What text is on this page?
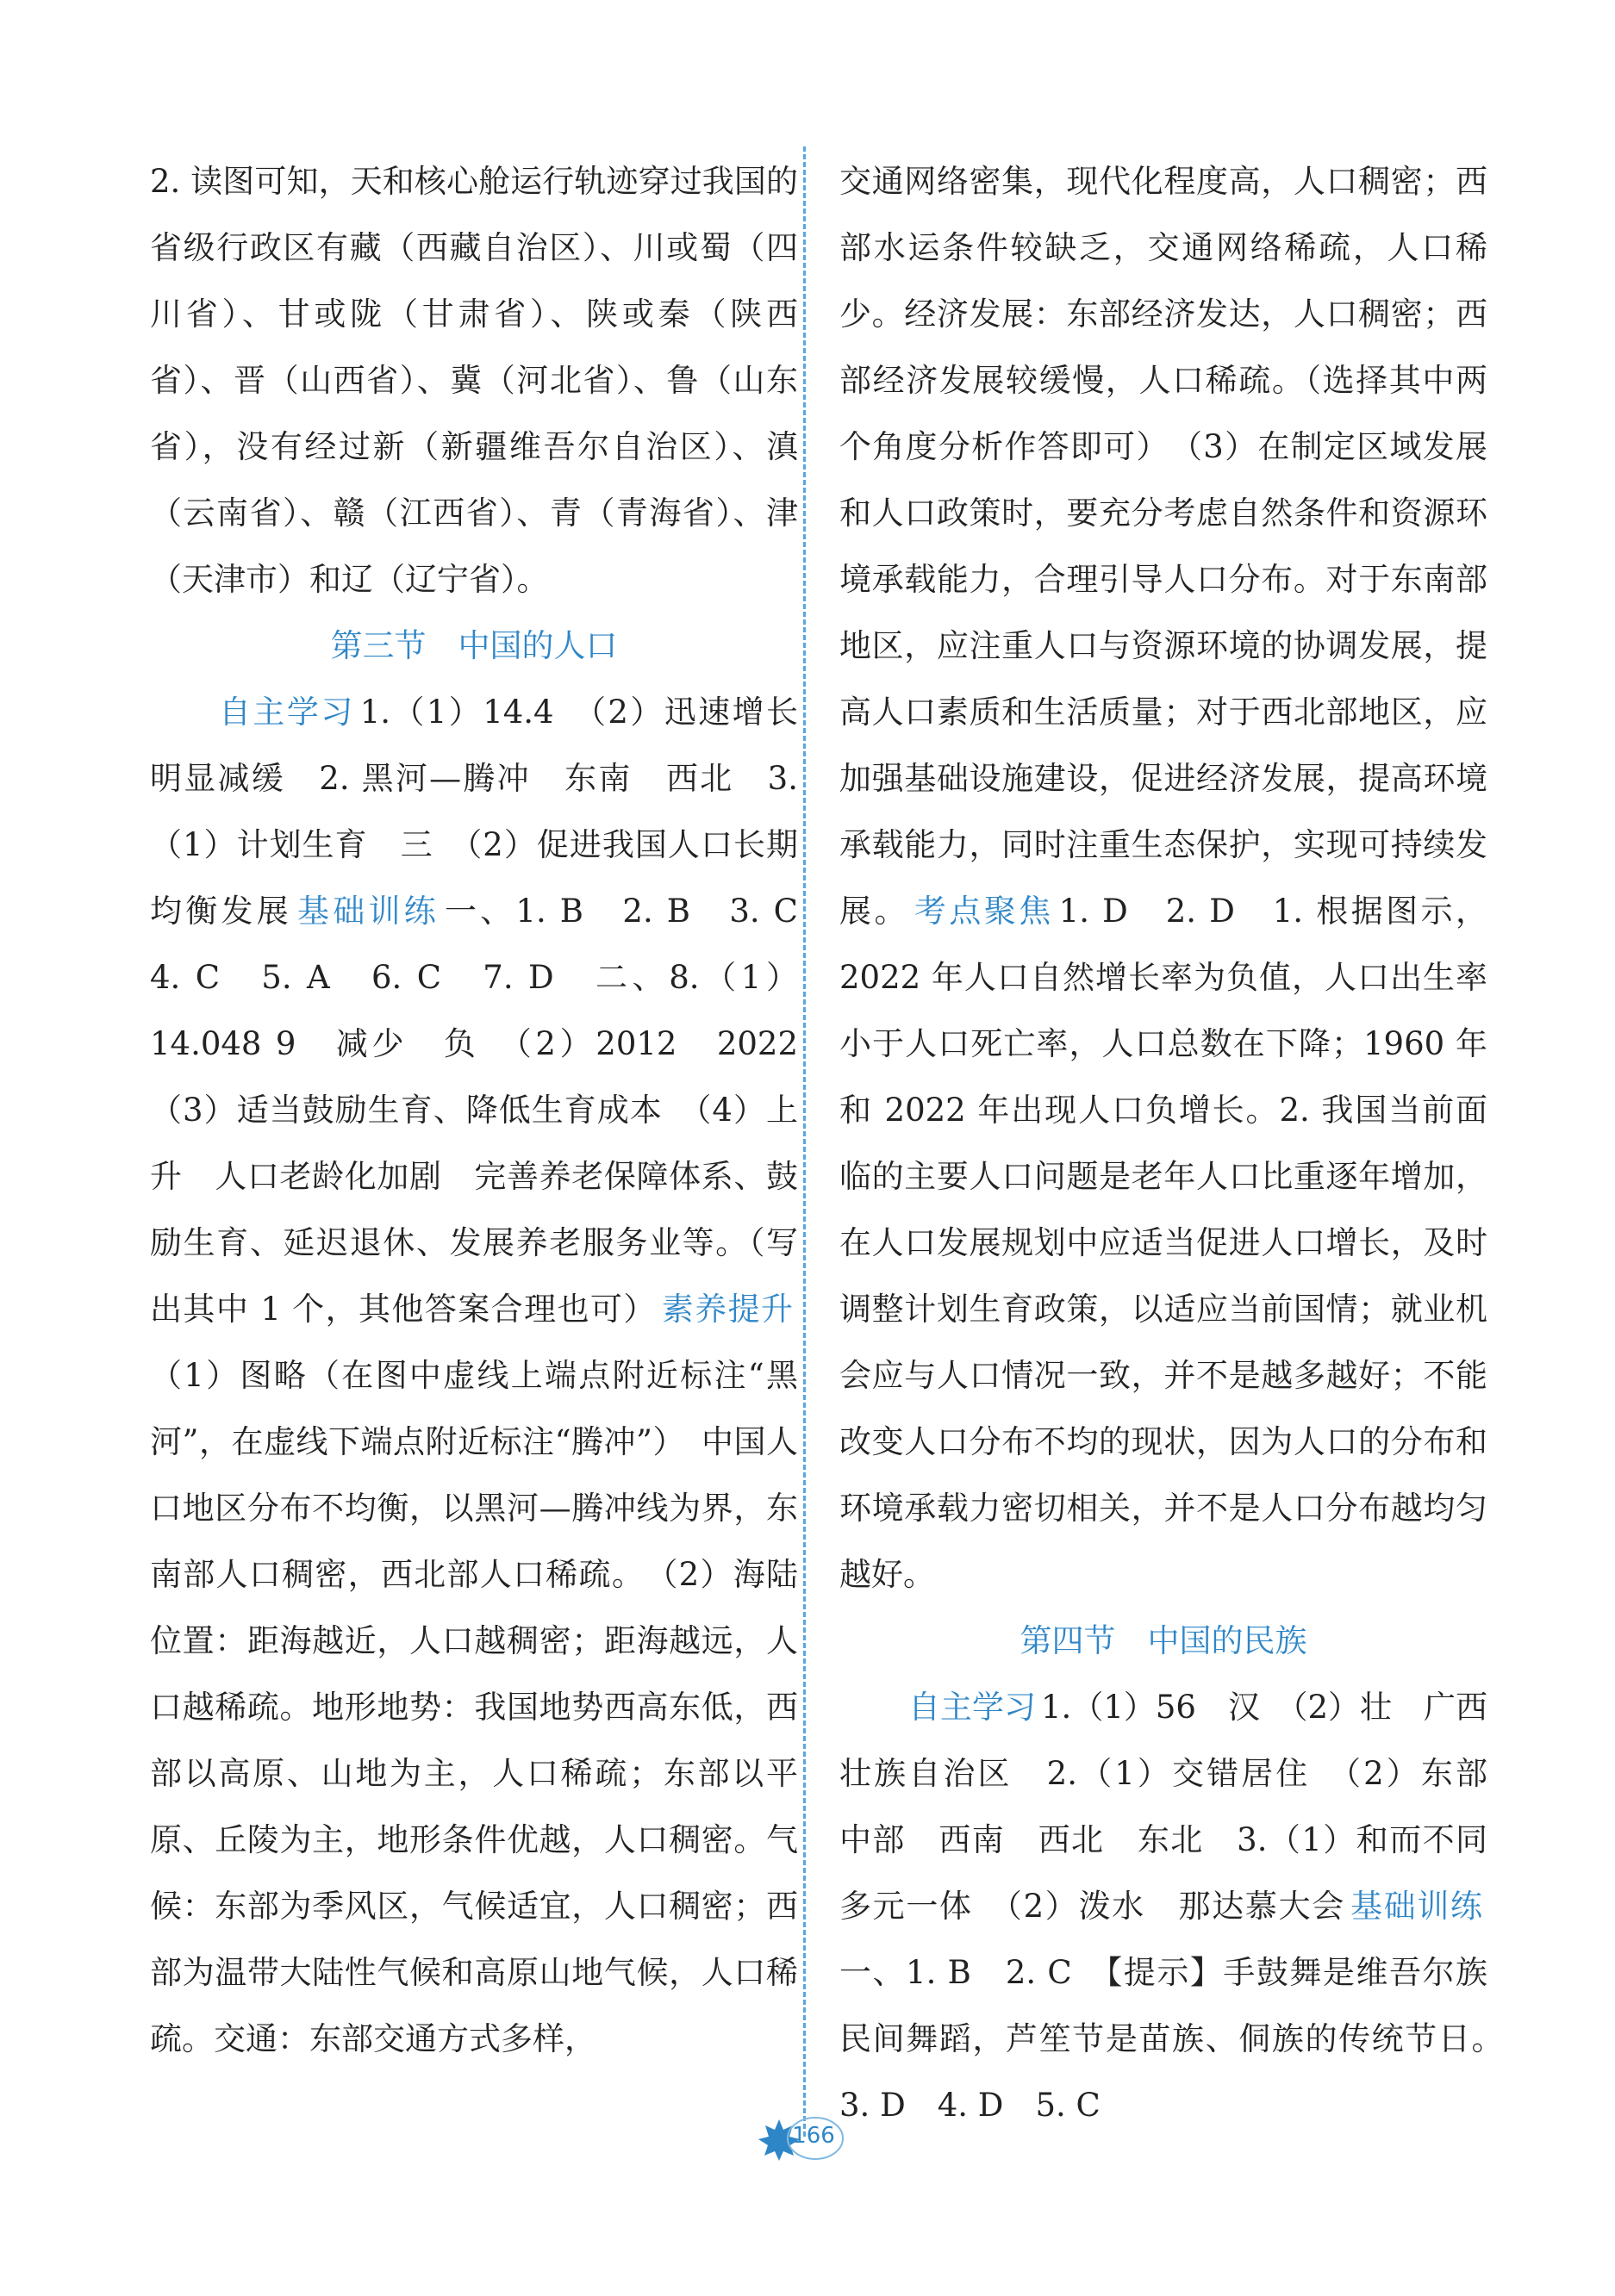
2. 读图可知，天和核心舱运行轨迹穿过我国的省级行政区有藏（西藏自治区）、川或蜀（四川省）、甘或陇（甘肃省）、陕或秦（陕西省）、晋（山西省）、冀（河北省）、鲁（山东省），没有经过新（新疆维吾尔自治区）、滇（云南省）、赣（江西省）、青（青海省）、津（天津市）和辽（辽宁省）。

第三节　中国的人口

自主学习 1.（1）14.4　（2）迅速增长　明显减缓　2. 黑河—腾冲　东南　西北　3.（1）计划生育　三　（2）促进我国人口长期均衡发展 基础训练 一、1. B　2. B　3. C　4. C　5. A　6. C　7. D　二、8.（1）14.048 9　减少　负　（2）2012　2022　（3）适当鼓励生育、降低生育成本　（4）上升　人口老龄化加剧　完善养老保障体系、鼓励生育、延迟退休、发展养老服务业等。（写出其中 1 个，其他答案合理也可） 素养提升（1）图略（在图中虚线上端点附近标注“黑河”，在虚线下端点附近标注“腾冲”）　中国人口地区分布不均衡，以黑河—腾冲线为界，东南部人口稠密，西北部人口稀疏。　（2）海陆位置：距海越近，人口越稠密；距海越远，人口越稀疏。地形地势：我国地势西高东低，西部以高原、山地为主，人口稀疏；东部以平原、丘陵为主，地形条件优越，人口稠密。气候：东部为季风区，气候适宜，人口稠密；西部为温带大陆性气候和高原山地气候，人口稀疏。交通：东部交通方式多样，

交通网络密集，现代化程度高，人口稠密；西部水运条件较缺乏，交通网络稀疏，人口稀少。经济发展：东部经济发达，人口稠密；西部经济发展较缓慢，人口稀疏。（选择其中两个角度分析作答即可）　（3）在制定区域发展和人口政策时，要充分考虑自然条件和资源环境承载能力，合理引导人口分布。对于东南部地区，应注重人口与资源环境的协调发展，提高人口素质和生活质量；对于西北部地区，应加强基础设施建设，促进经济发展，提高环境承载能力，同时注重生态保护，实现可持续发展。 考点聚焦 1. D　2. D　1. 根据图示，2022 年人口自然增长率为负值，人口出生率小于人口死亡率，人口总数在下降；1960 年和 2022 年出现人口负增长。2. 我国当前面临的主要人口问题是老年人口比重逐年增加，在人口发展规划中应适当促进人口增长，及时调整计划生育政策，以适应当前国情；就业机会应与人口情况一致，并不是越多越好；不能改变人口分布不均的现状，因为人口的分布和环境承载力密切相关，并不是人口分布越均匀越好。

第四节　中国的民族

自主学习 1.（1）56　汉　（2）壮　广西壮族自治区　2.（1）交错居住　（2）东部　中部　西南　西北　东北　3.（1）和而不同　多元一体　（2）泼水　那达慕大会 基础训练一、1. B　2. C　【提示】手鼓舞是维吾尔族民间舞蹈，芦笙节是苗族、侗族的传统节日。　3. D　4. D　5. C

166
